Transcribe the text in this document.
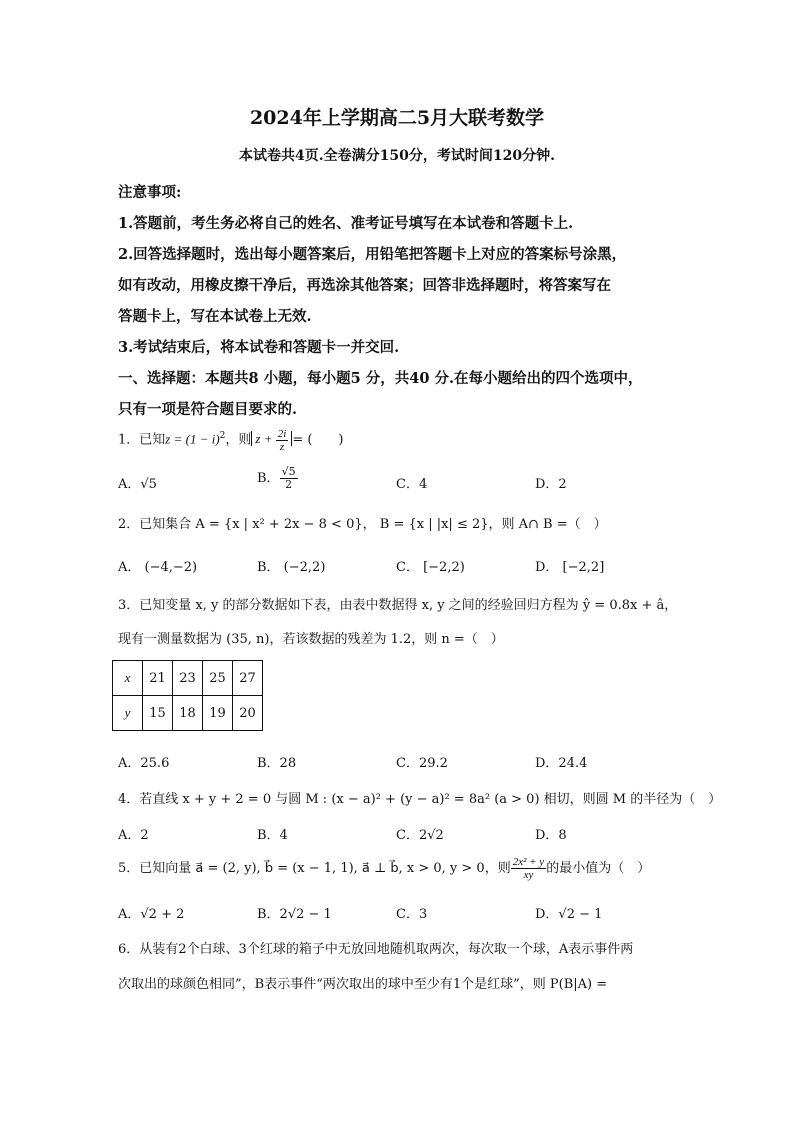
2024年上学期高二5月大联考数学
本试卷共4页.全卷满分150分，考试时间120分钟.
注意事项:
1.答题前，考生务必将自己的姓名、准考证号填写在本试卷和答题卡上.
2.回答选择题时，选出每小题答案后，用铅笔把答题卡上对应的答案标号涂黑，
如有改动，用橡皮擦干净后，再选涂其他答案；回答非选择题时，将答案写在
答题卡上，写在本试卷上无效.
3.考试结束后，将本试卷和答题卡一并交回.
一、选择题：本题共8 小题，每小题5 分，共40 分.在每小题给出的四个选项中，
只有一项是符合题目要求的.
1．已知$z = (1 - i)^2$，则 $z + \frac{2i}{z}$ = (　　)
A．√5	B． $\frac{√5}{2}$	C．4	D．2
2．已知集合 A = {x | x² + 2x − 8 < 0}， B = {x | |x| ≤ 2}，则 A∩ B =（　）
A． (−4,−2)	B． (−2,2)	C． [−2,2)	D． [−2,2]
3．已知变量 x, y 的部分数据如下表，由表中数据得 x, y 之间的经验回归方程为 ŷ = 0.8x + â，
现有一测量数据为 (35, n)，若该数据的残差为 1.2，则 n =（　）
x	21	23	25	27
y	15	18	19	20
A．25.6	B．28	C．29.2	D．24.4
4．若直线 x + y + 2 = 0 与圆 M : (x − a)² + (y − a)² = 8a² (a > 0) 相切，则圆 M 的半径为（　）
A．2	B．4	C．2√2	D．8
5．已知向量 a⃗ = (2, y), b⃗ = (x − 1, 1), a⃗ ⊥ b⃗, x > 0, y > 0，则 $\frac{\text{2x² + y}}{xy}$ 的最小值为（　）
A．√2 + 2	B．2√2 − 1	C．3	D．√2 − 1
6．从装有2个白球、3个红球的箱子中无放回地随机取两次，每次取一个球，A表示事件两
次取出的球颜色相同”，B表示事件“两次取出的球中至少有1个是红球”，则 P(B|A) =
